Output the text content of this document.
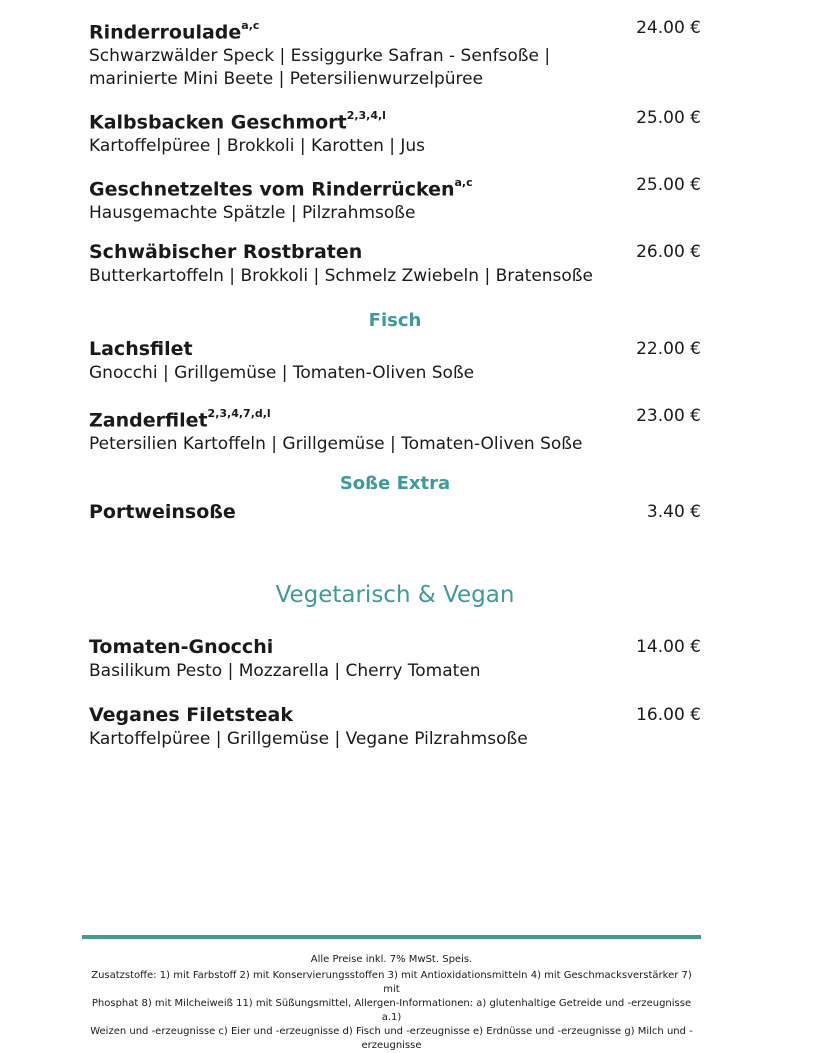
Rinderroulade$^{a,c}$
Schwarzwälder Speck | Essiggurke Safran - Senfsoße |
marinierte Mini Beete | Petersilienwurzelpüree
24.00 €
Kalbsbacken Geschmort$^{2,3,4,l}$
Kartoffelpüree | Brokkoli | Karotten | Jus
25.00 €
Geschnetzeltes vom Rinderrücken$^{a,c}$
Hausgemachte Spätzle | Pilzrahmsoße
25.00 €
Schwäbischer Rostbraten
Butterkartoffeln | Brokkoli | Schmelz Zwiebeln | Bratensoße
26.00 €
Fisch
Lachsfilet
Gnocchi | Grillgemüse | Tomaten-Oliven Soße
22.00 €
Zanderfilet$^{2,3,4,7,d,l}$
Petersilien Kartoffeln | Grillgemüse | Tomaten-Oliven Soße
23.00 €
Soße Extra
Portweinsoße	3.40 €
Vegetarisch & Vegan
Tomaten-Gnocchi
Basilikum Pesto | Mozzarella | Cherry Tomaten
14.00 €
Veganes Filetsteak
Kartoffelpüree | Grillgemüse | Vegane Pilzrahmsoße
16.00 €
Alle Preise inkl. 7% MwSt. Speis.
Zusatzstoffe: 1) mit Farbstoff 2) mit Konservierungsstoffen 3) mit Antioxidationsmitteln 4) mit Geschmacksverstärker 7) mit
Phosphat 8) mit Milcheiweiß 11) mit Süßungsmittel, Allergen-Informationen: a) glutenhaltige Getreide und -erzeugnisse a.1)
Weizen und -erzeugnisse c) Eier und -erzeugnisse d) Fisch und -erzeugnisse e) Erdnüsse und -erzeugnisse g) Milch und -erzeugnisse
